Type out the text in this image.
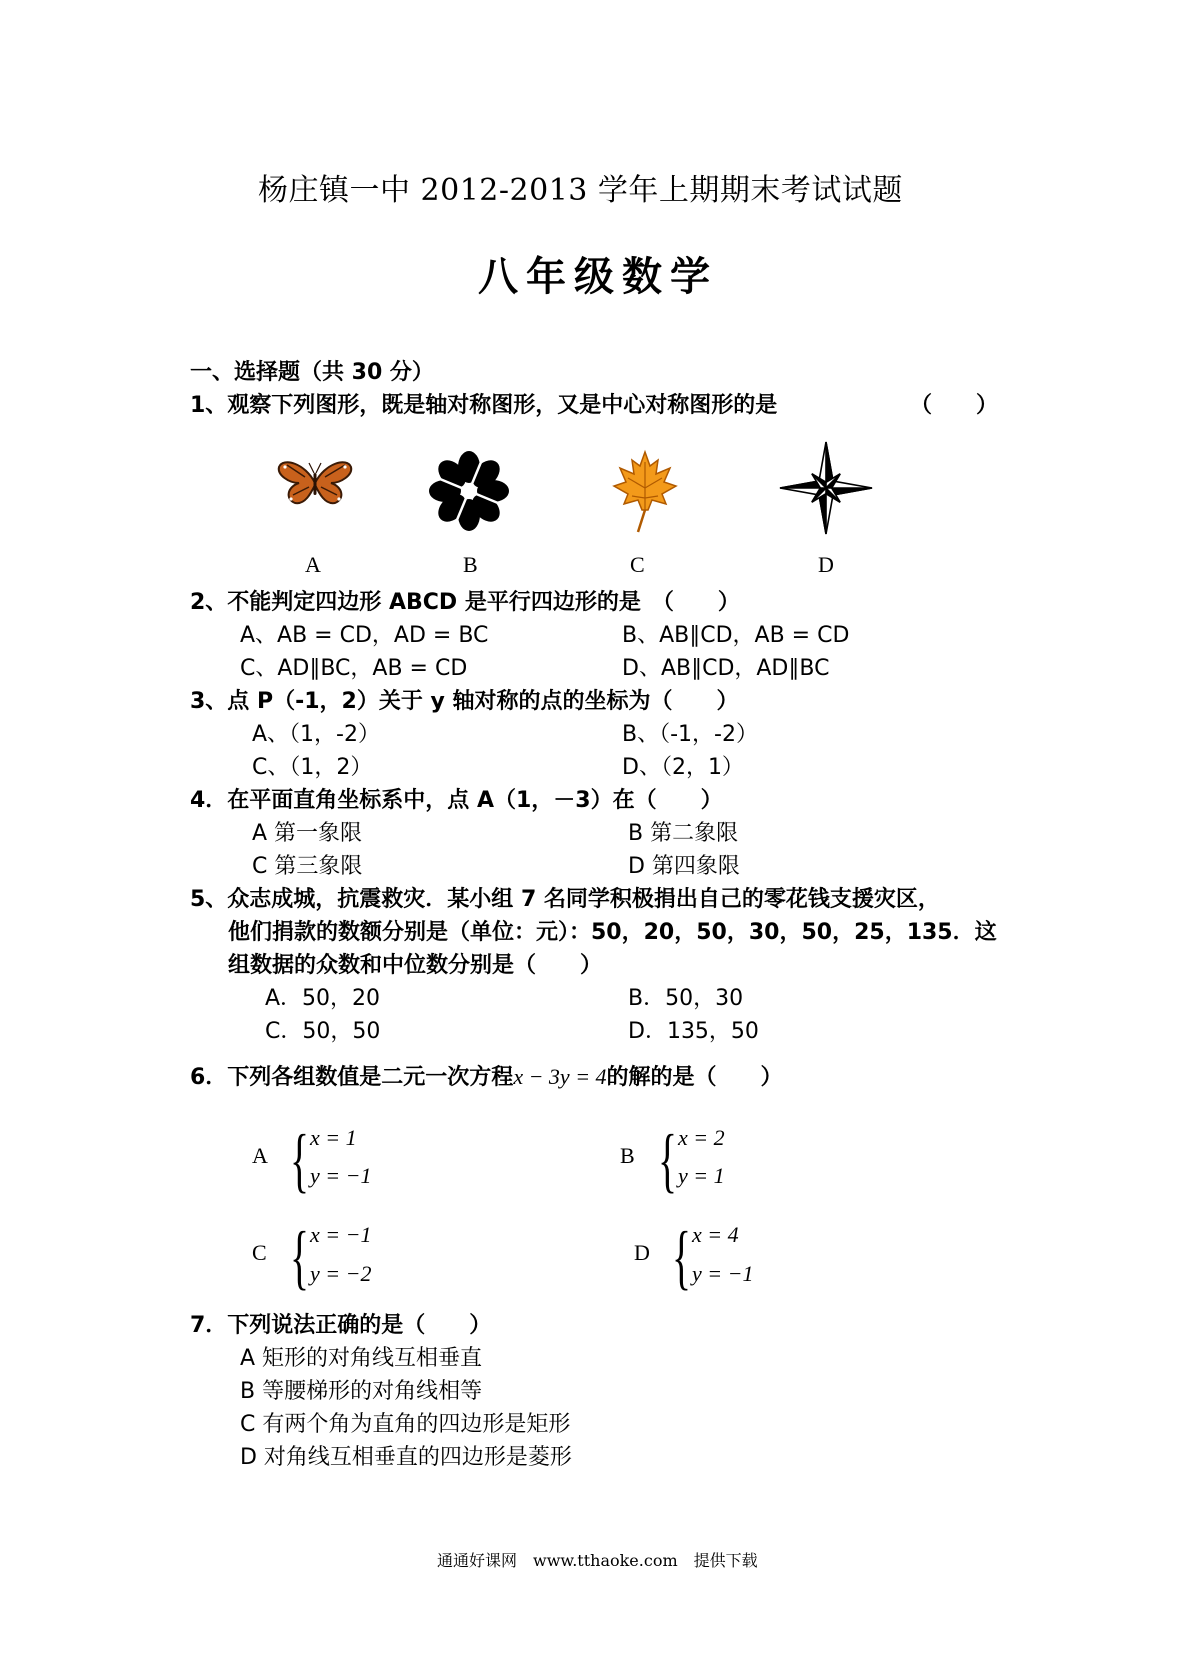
杨庄镇一中 2012-2013 学年上期期末考试试题
八年级数学
一、选择题（共 30 分）
1、观察下列图形，既是轴对称图形，又是中心对称图形的是	（　　）
A	B	C	D
2、不能判定四边形 ABCD 是平行四边形的是　（　　）
A、AB = CD，AD = BC	B、AB∥CD，AB = CD
C、AD∥BC，AB = CD	D、AB∥CD，AD∥BC
3、点 P（-1，2）关于 y 轴对称的点的坐标为（　　）
A、（1，-2）	B、（-1，-2）
C、（1，2）	D、（2，1）
4．在平面直角坐标系中，点 A（1，－3）在（　　）
A 第一象限	B 第二象限
C 第三象限	D 第四象限
5、众志成城，抗震救灾．某小组 7 名同学积极捐出自己的零花钱支援灾区，
他们捐款的数额分别是（单位：元）：50，20，50，30，50，25，135．这
组数据的众数和中位数分别是（　　）
A．50，20	B．50，30
C．50，50	D．135，50
6．下列各组数值是二元一次方程x − 3y = 4的解的是（　　）
A { x = 1
y = −1
B { x = 2
y = 1
C { x = −1
y = −2
D { x = 4
y = −1
7．下列说法正确的是（　　）
A 矩形的对角线互相垂直
B 等腰梯形的对角线相等
C 有两个角为直角的四边形是矩形
D 对角线互相垂直的四边形是菱形
通通好课网　www.tthaoke.com　提供下载
